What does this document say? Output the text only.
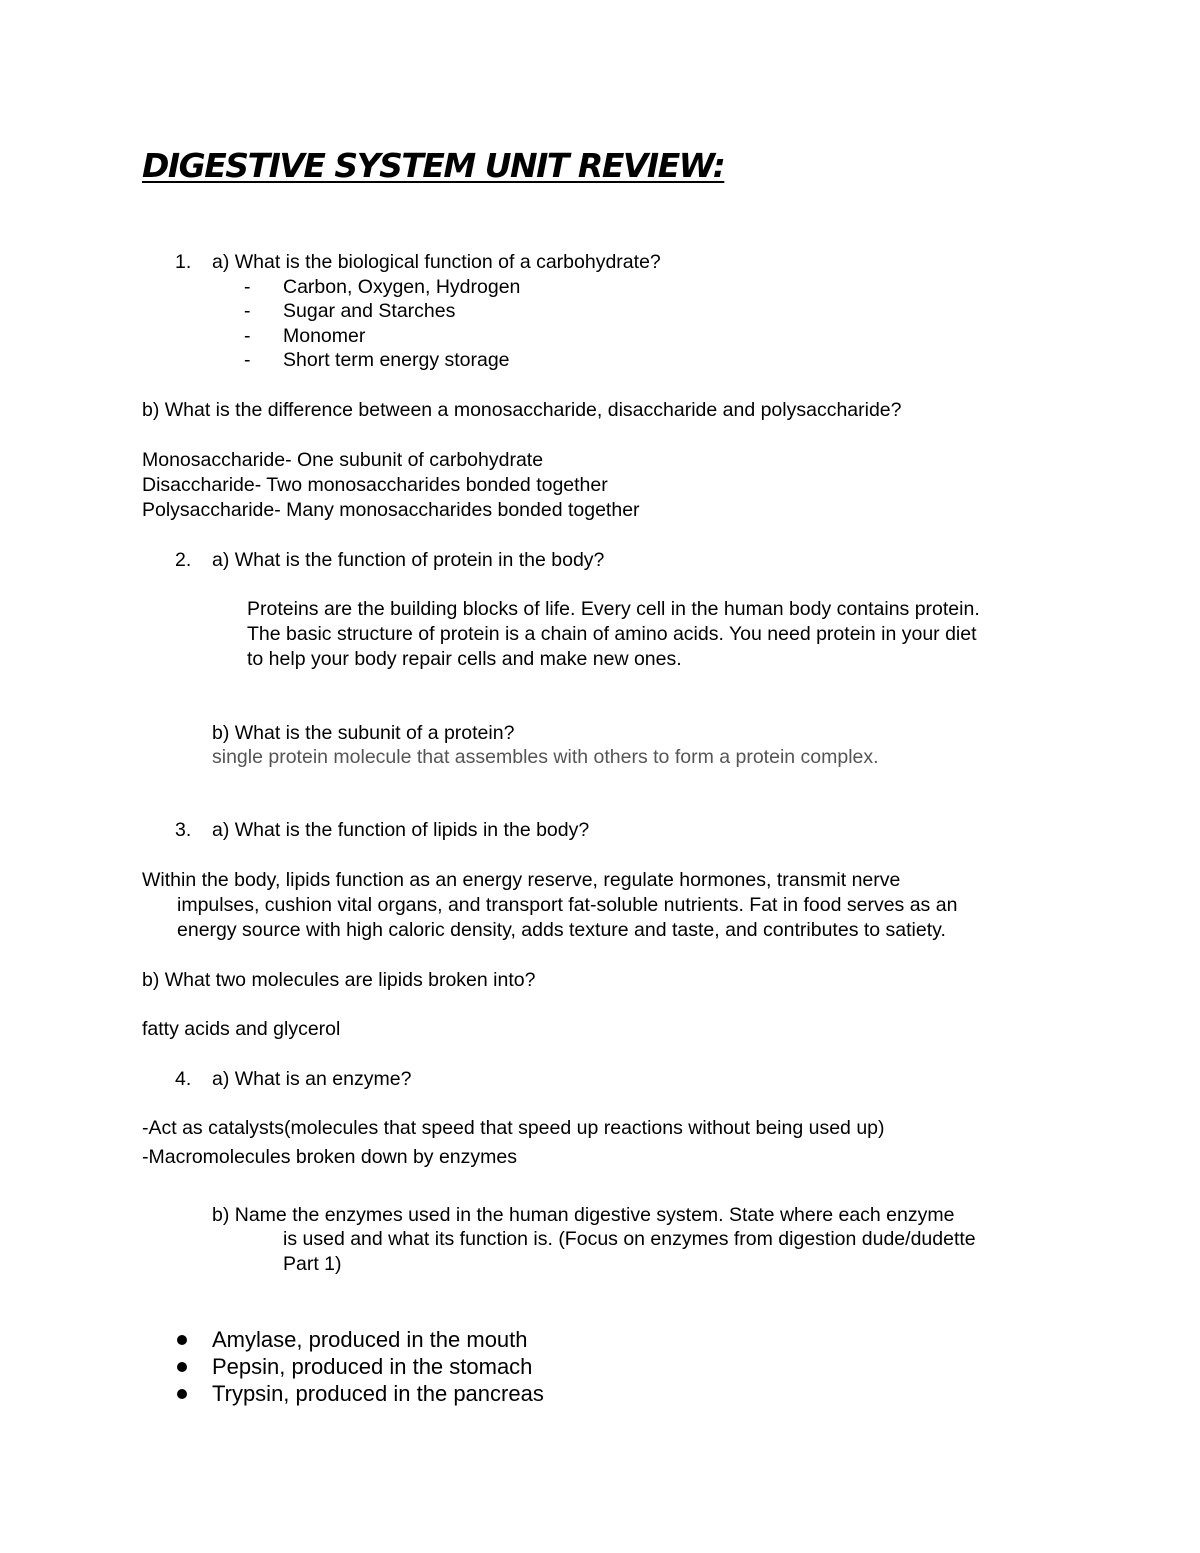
DIGESTIVE SYSTEM UNIT REVIEW:
1. a) What is the biological function of a carbohydrate?
- Carbon, Oxygen, Hydrogen
- Sugar and Starches
- Monomer
- Short term energy storage
b) What is the difference between a monosaccharide, disaccharide and polysaccharide?
Monosaccharide- One subunit of carbohydrate
Disaccharide- Two monosaccharides bonded together
Polysaccharide- Many monosaccharides bonded together
2. a) What is the function of protein in the body?
Proteins are the building blocks of life. Every cell in the human body contains protein.
The basic structure of protein is a chain of amino acids. You need protein in your diet
to help your body repair cells and make new ones.
b) What is the subunit of a protein?
single protein molecule that assembles with others to form a protein complex.
3. a) What is the function of lipids in the body?
Within the body, lipids function as an energy reserve, regulate hormones, transmit nerve
impulses, cushion vital organs, and transport fat-soluble nutrients. Fat in food serves as an
energy source with high caloric density, adds texture and taste, and contributes to satiety.
b) What two molecules are lipids broken into?
fatty acids and glycerol
4. a) What is an enzyme?
-Act as catalysts(molecules that speed that speed up reactions without being used up)
-Macromolecules broken down by enzymes
b) Name the enzymes used in the human digestive system. State where each enzyme
is used and what its function is. (Focus on enzymes from digestion dude/dudette
Part 1)
Amylase, produced in the mouth
Pepsin, produced in the stomach
Trypsin, produced in the pancreas
